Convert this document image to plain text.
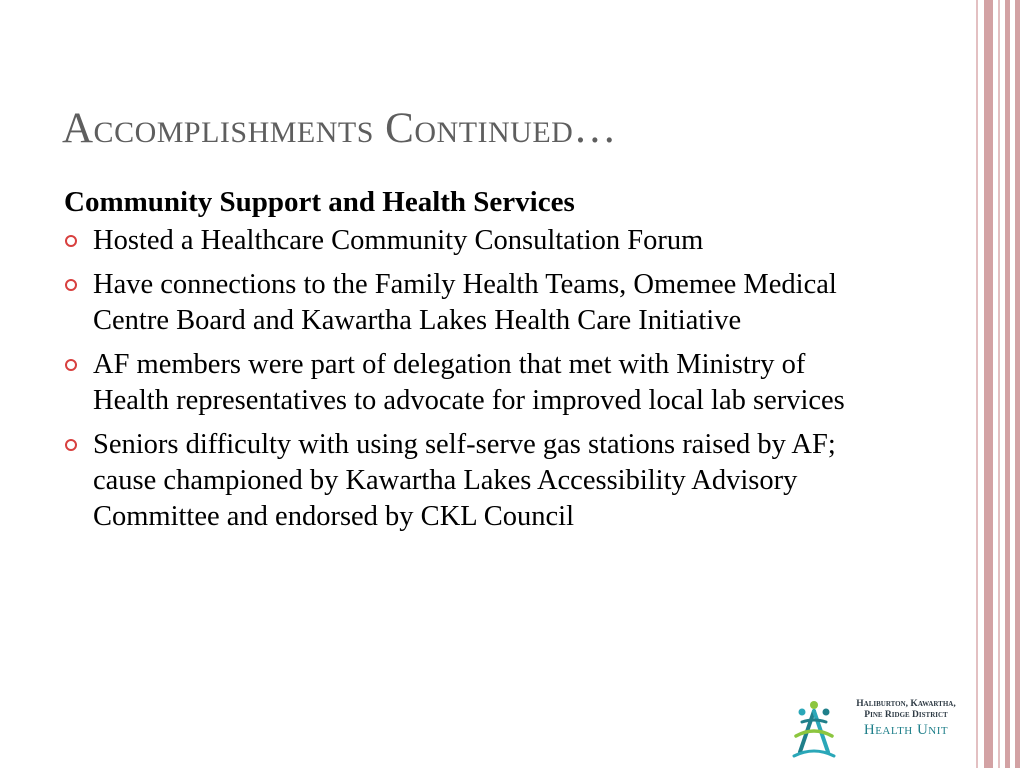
Accomplishments Continued…
Community Support and Health Services
Hosted a Healthcare Community Consultation Forum
Have connections to the Family Health Teams, Omemee Medical Centre Board and Kawartha Lakes Health Care Initiative
AF members were part of delegation that met with Ministry of Health representatives to advocate for improved local lab services
Seniors difficulty with using self-serve gas stations raised by AF; cause championed by Kawartha Lakes Accessibility Advisory Committee and endorsed by CKL Council
Haliburton, Kawartha,
Pine Ridge District
Health Unit
